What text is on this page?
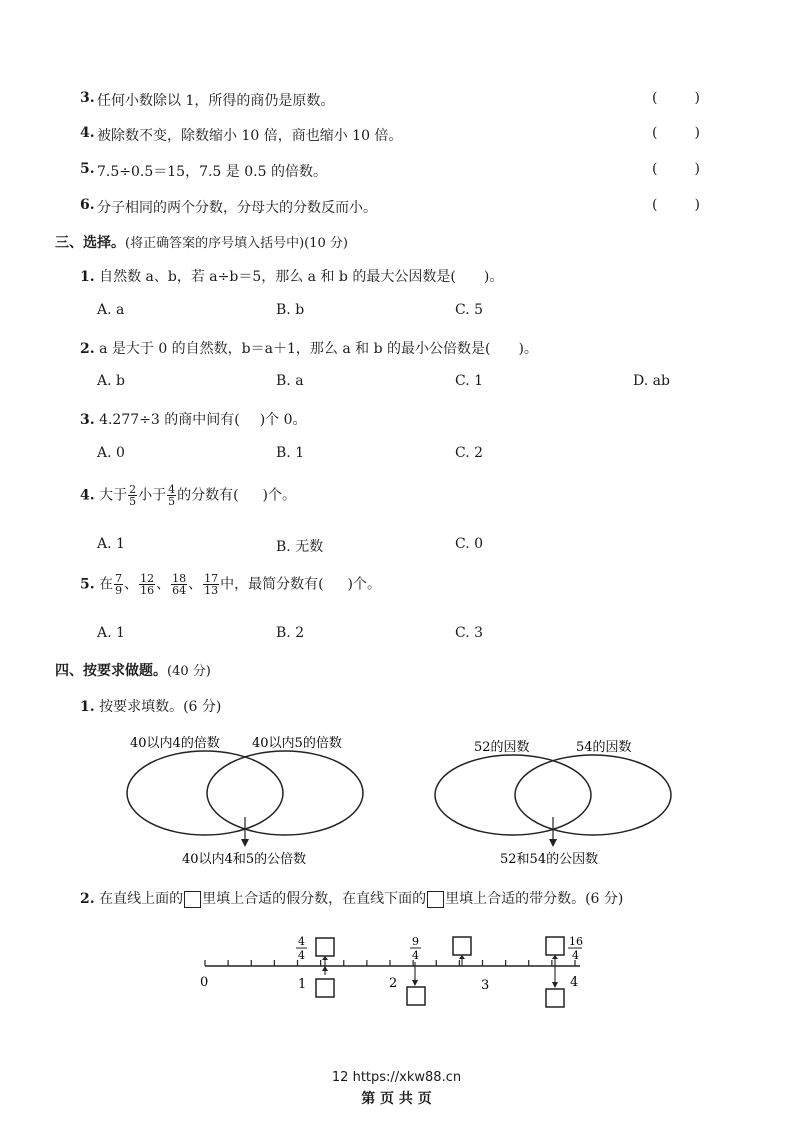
3. 任何小数除以 1，所得的商仍是原数。	(	)
4. 被除数不变，除数缩小 10 倍，商也缩小 10 倍。	(	)
5. 7.5÷0.5＝15，7.5 是 0.5 的倍数。	(	)
6. 分子相同的两个分数，分母大的分数反而小。	(	)
三、选择。(将正确答案的序号填入括号中)(10 分)
1. 自然数 a、b，若 a÷b＝5，那么 a 和 b 的最大公因数是( )。
A. a	B. b	C. 5
2. a 是大于 0 的自然数，b＝a＋1，那么 a 和 b 的最小公倍数是( )。
A. b	B. a	C. 1	D. ab
3. 4.277÷3 的商中间有( )个 0。
A. 0	B. 1	C. 2
4. 大于 $\frac{2}{5}$ 小于 $\frac{4}{5}$ 的分数有( )个。
A. 1	B. 无数	C. 0
5. 在 $\frac{7}{9}$ 、 $\frac{12}{16}$ 、 $\frac{18}{64}$ 、 $\frac{17}{13}$ 中，最简分数有( )个。
A. 1	B. 2	C. 3
四、按要求做题。(40 分)
1. 按要求填数。(6 分)
40以内4的倍数 40以内5的倍数
40以内4和5的公倍数
52的因数	54的因数
52和54的公因数
2. 在直线上面的 里填上合适的假分数，在直线下面的 里填上合适的带分数。(6 分)
0	1	2	3	4
4
4
9
4
16
4
12 https://xkw88.cn
第 页 共 页
